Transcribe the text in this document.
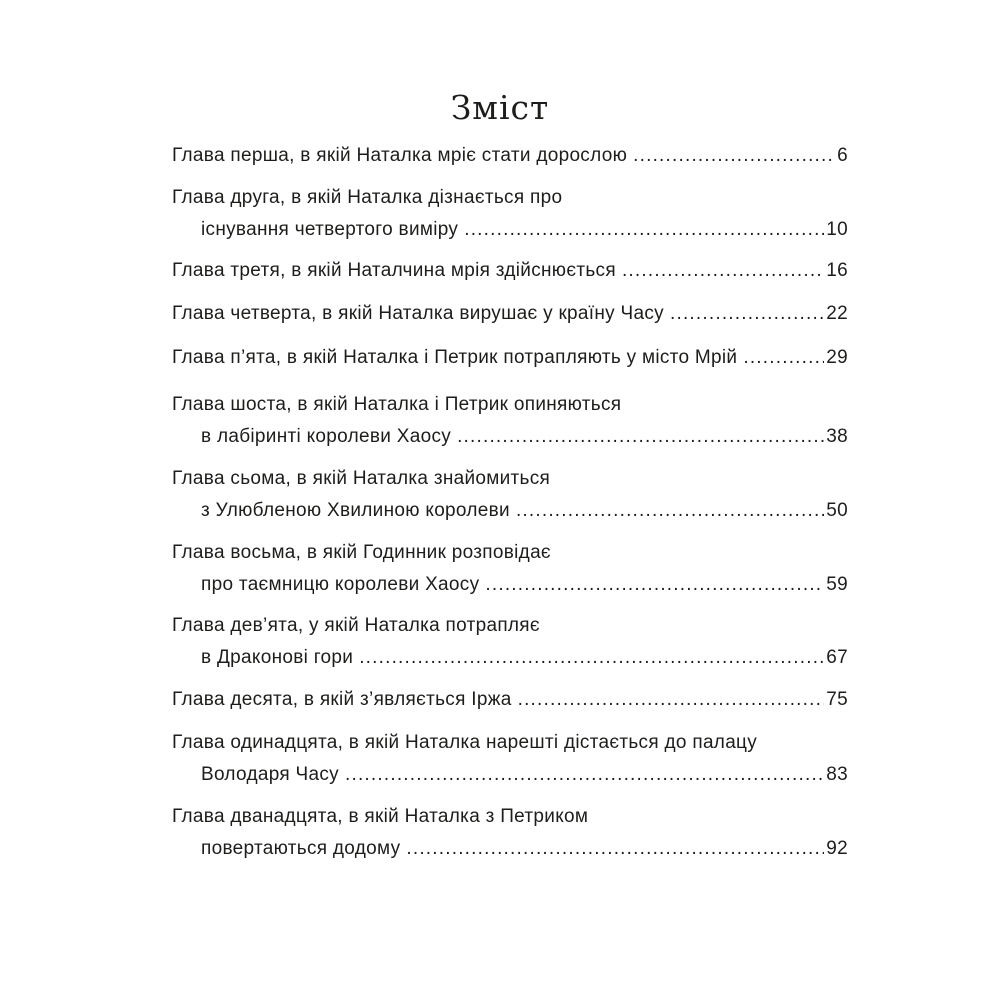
Зміст
Глава перша, в якій Наталка мріє стати дорослою .....	6
Глава друга, в якій Наталка дізнається про
існування четвертого виміру .....	10
Глава третя, в якій Наталчина мрія здійснюється .....	16
Глава четверта, в якій Наталка вирушає у країну Часу .....	22
Глава п’ята, в якій Наталка і Петрик потрапляють у місто Мрій .....	29
Глава шоста, в якій Наталка і Петрик опиняються
в лабіринті королеви Хаосу .....	38
Глава сьома, в якій Наталка знайомиться
з Улюбленою Хвилиною королеви .....	50
Глава восьма, в якій Годинник розповідає
про таємницю королеви Хаосу .....	59
Глава дев’ята, у якій Наталка потрапляє
в Драконові гори .....	67
Глава десята, в якій з’являється Іржа .....	75
Глава одинадцята, в якій Наталка нарешті дістається до палацу
Володаря Часу .....	83
Глава дванадцята, в якій Наталка з Петриком
повертаються додому .....	92
